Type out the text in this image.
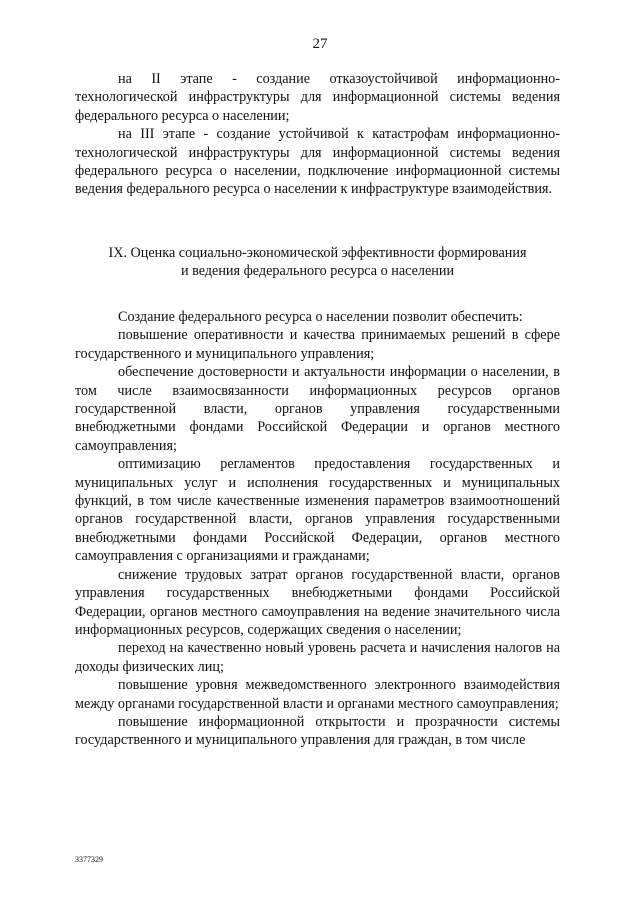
27

на II этапе - создание отказоустойчивой информационно-технологической инфраструктуры для информационной системы ведения федерального ресурса о населении;

на III этапе - создание устойчивой к катастрофам информационно-технологической инфраструктуры для информационной системы ведения федерального ресурса о населении, подключение информационной системы ведения федерального ресурса о населении к инфраструктуре взаимодействия.

IX. Оценка социально-экономической эффективности формирования
и ведения федерального ресурса о населении

Создание федерального ресурса о населении позволит обеспечить:

повышение оперативности и качества принимаемых решений в сфере государственного и муниципального управления;

обеспечение достоверности и актуальности информации о населении, в том числе взаимосвязанности информационных ресурсов органов государственной власти, органов управления государственными внебюджетными фондами Российской Федерации и органов местного самоуправления;

оптимизацию регламентов предоставления государственных и муниципальных услуг и исполнения государственных и муниципальных функций, в том числе качественные изменения параметров взаимоотношений органов государственной власти, органов управления государственными внебюджетными фондами Российской Федерации, органов местного самоуправления с организациями и гражданами;

снижение трудовых затрат органов государственной власти, органов управления государственных внебюджетными фондами Российской Федерации, органов местного самоуправления на ведение значительного числа информационных ресурсов, содержащих сведения о населении;

переход на качественно новый уровень расчета и начисления налогов на доходы физических лиц;

повышение уровня межведомственного электронного взаимодействия между органами государственной власти и органами местного самоуправления;

повышение информационной открытости и прозрачности системы государственного и муниципального управления для граждан, в том числе

3377329
